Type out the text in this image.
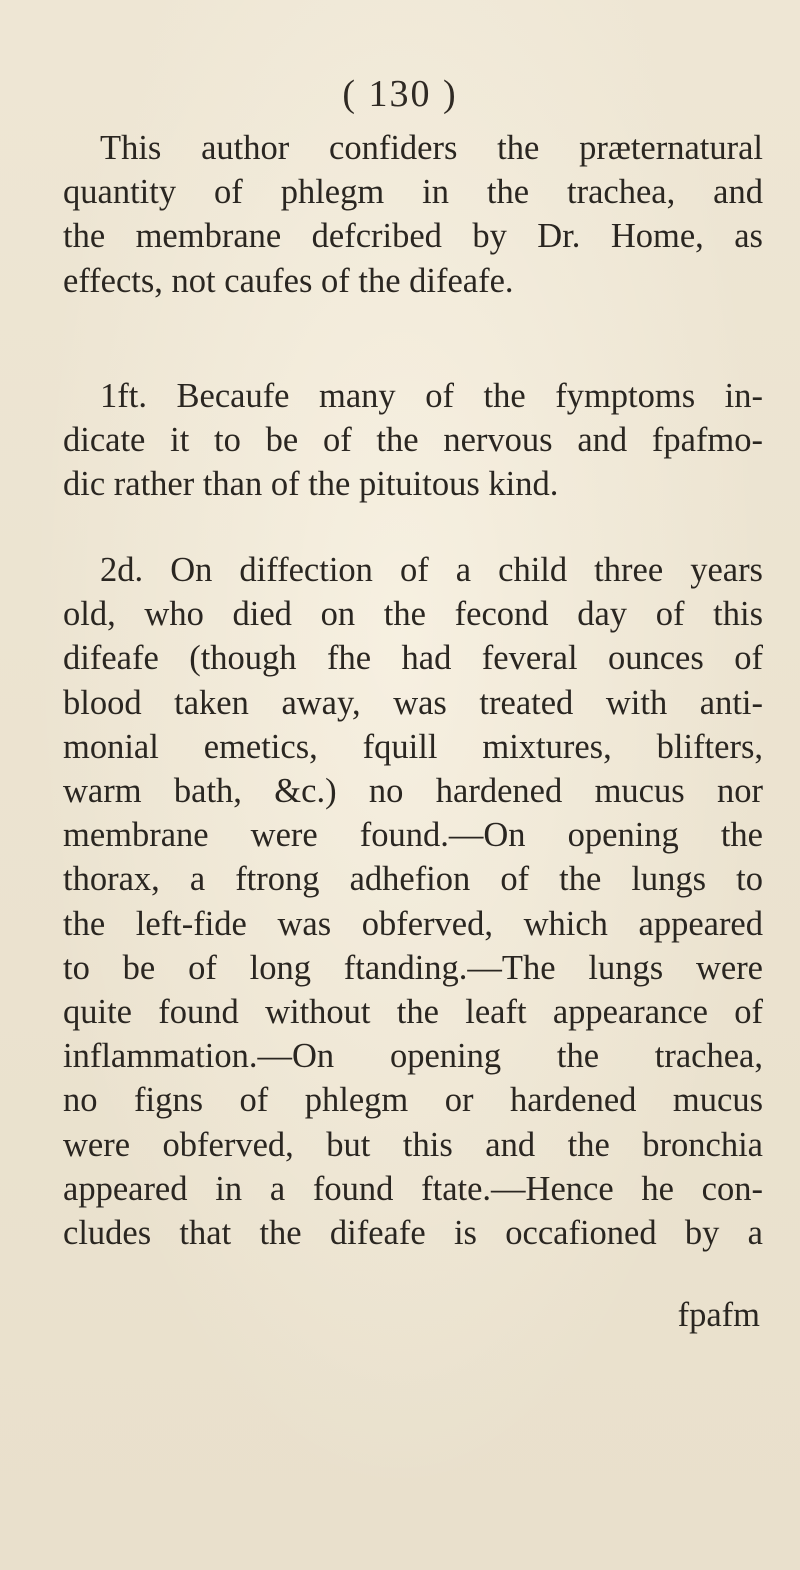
( 130 )
This author confiders the præternatural
quantity of phlegm in the trachea, and
the membrane defcribed by Dr. Home, as
effects, not caufes of the difeafe.
1ft. Becaufe many of the fymptoms in-
dicate it to be of the nervous and fpafmo-
dic rather than of the pituitous kind.
2d. On diffection of a child three years
old, who died on the fecond day of this
difeafe (though fhe had feveral ounces of
blood taken away, was treated with anti-
monial emetics, fquill mixtures, blifters,
warm bath, &c.) no hardened mucus nor
membrane were found.—On opening the
thorax, a ftrong adhefion of the lungs to
the left-fide was obferved, which appeared
to be of long ftanding.—The lungs were
quite found without the leaft appearance of
inflammation.—On opening the trachea,
no figns of phlegm or hardened mucus
were obferved, but this and the bronchia
appeared in a found ftate.—Hence he con-
cludes that the difeafe is occafioned by a
fpafm
